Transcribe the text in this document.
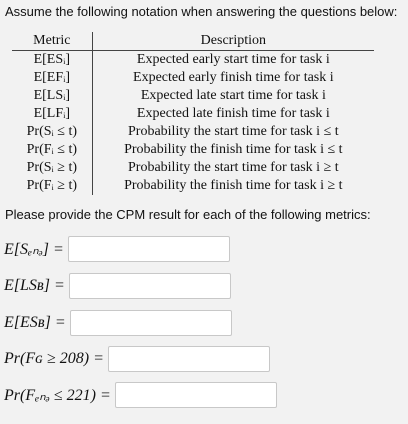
Assume the following notation when answering the questions below:
Metric	Description
E[ESᵢ]	Expected early start time for task i
E[EFᵢ]	Expected early finish time for task i
E[LSᵢ]	Expected late start time for task i
E[LFᵢ]	Expected late finish time for task i
Pr(Sᵢ ≤ t)	Probability the start time for task i ≤ t
Pr(Fᵢ ≤ t)	Probability the finish time for task i ≤ t
Pr(Sᵢ ≥ t)	Probability the start time for task i ≥ t
Pr(Fᵢ ≥ t)	Probability the finish time for task i ≥ t
Please provide the CPM result for each of the following metrics:
E[Sₑₙₔ] =
E[LSʙ] =
E[ESʙ] =
Pr(Fɢ ≥ 208) =
Pr(Fₑₙₔ ≤ 221) =
